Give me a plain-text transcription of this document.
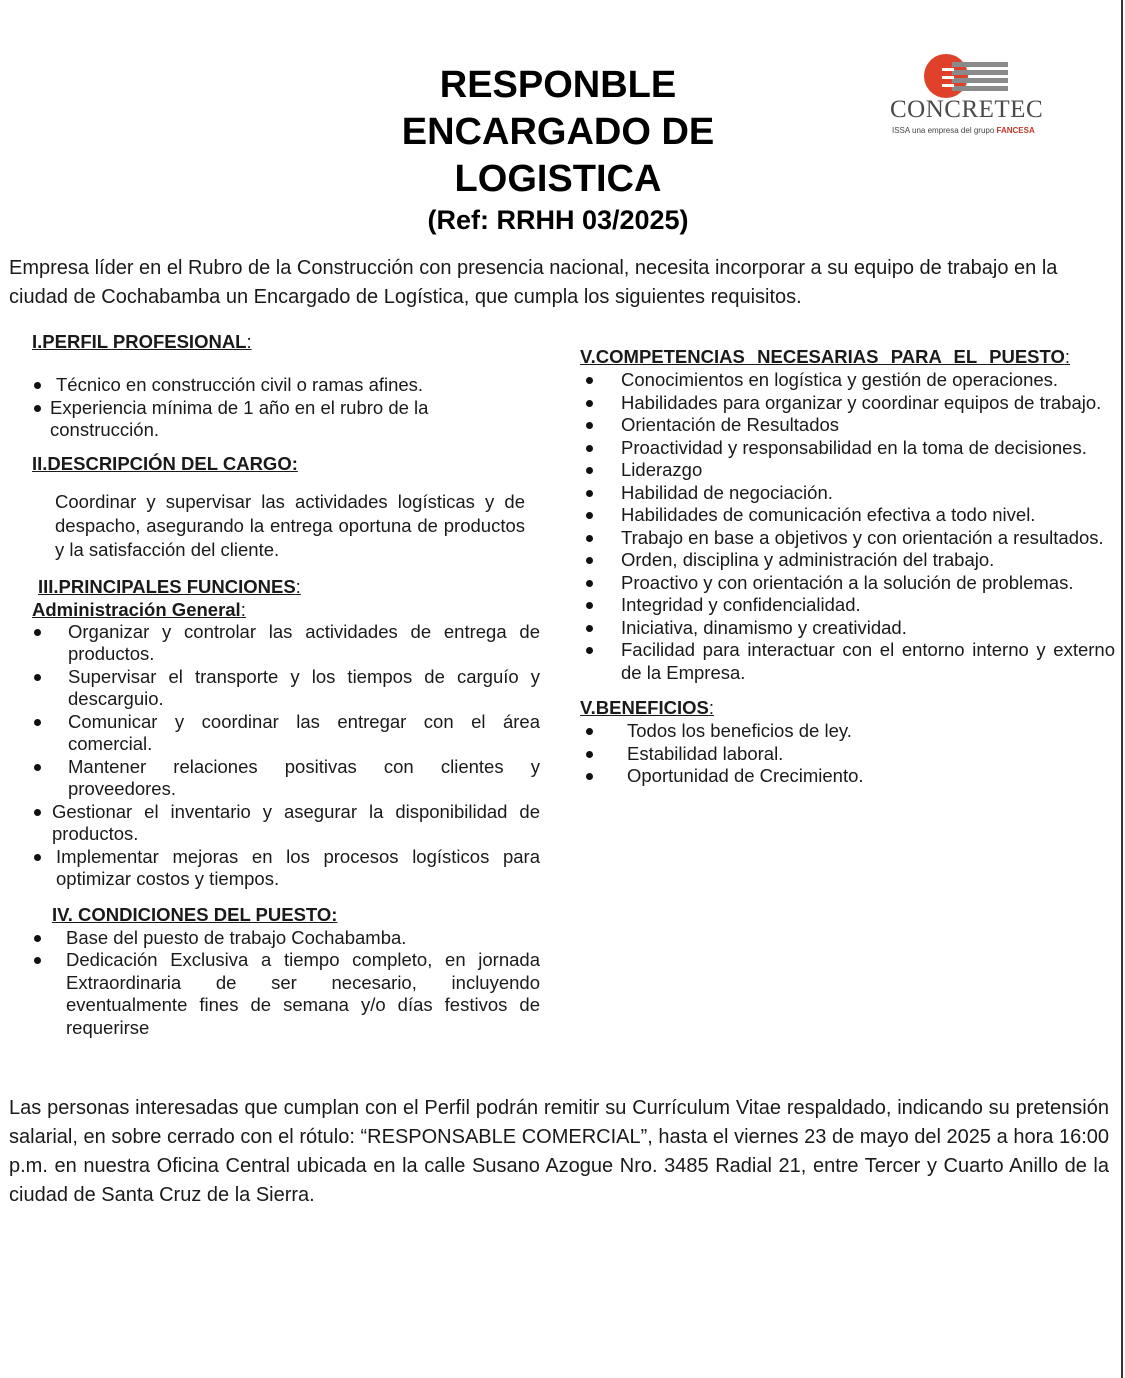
RESPONBLE

ENCARGADO DE

LOGISTICA

(Ref: RRHH 03/2025)

CONCRETEC
ISSA una empresa del grupo FANCESA

Empresa líder en el Rubro de la Construcción con presencia nacional, necesita incorporar a su equipo de trabajo en la ciudad de Cochabamba un Encargado de Logística, que cumpla los siguientes requisitos.

I.PERFIL PROFESIONAL:

Técnico en construcción civil o ramas afines.
Experiencia mínima de 1 año en el rubro de la construcción.

II.DESCRIPCIÓN DEL CARGO:

Coordinar y supervisar las actividades logísticas y de despacho, asegurando la entrega oportuna de productos y la satisfacción del cliente.

III.PRINCIPALES FUNCIONES:

Administración General:

Organizar y controlar las actividades de entrega de productos.
Supervisar el transporte y los tiempos de carguío y descarguio.
Comunicar y coordinar las entregar con el área comercial.
Mantener relaciones positivas con clientes y proveedores.
Gestionar el inventario y asegurar la disponibilidad de productos.
Implementar mejoras en los procesos logísticos para optimizar costos y tiempos.

IV. CONDICIONES DEL PUESTO:

Base del puesto de trabajo Cochabamba.
Dedicación Exclusiva a tiempo completo, en jornada Extraordinaria de ser necesario, incluyendo eventualmente fines de semana y/o días festivos de requerirse

V.COMPETENCIAS NECESARIAS PARA EL PUESTO:

Conocimientos en logística y gestión de operaciones.
Habilidades para organizar y coordinar equipos de trabajo.
Orientación de Resultados
Proactividad y responsabilidad en la toma de decisiones.
Liderazgo
Habilidad de negociación.
Habilidades de comunicación efectiva a todo nivel.
Trabajo en base a objetivos y con orientación a resultados.
Orden, disciplina y administración del trabajo.
Proactivo y con orientación a la solución de problemas.
Integridad y confidencialidad.
Iniciativa, dinamismo y creatividad.
Facilidad para interactuar con el entorno interno y externo de la Empresa.

V.BENEFICIOS:

Todos los beneficios de ley.
Estabilidad laboral.
Oportunidad de Crecimiento.

Las personas interesadas que cumplan con el Perfil podrán remitir su Currículum Vitae respaldado, indicando su pretensión salarial, en sobre cerrado con el rótulo: “RESPONSABLE COMERCIAL”, hasta el viernes 23 de mayo del 2025 a hora 16:00 p.m. en nuestra Oficina Central ubicada en la calle Susano Azogue Nro. 3485 Radial 21, entre Tercer y Cuarto Anillo de la ciudad de Santa Cruz de la Sierra.
